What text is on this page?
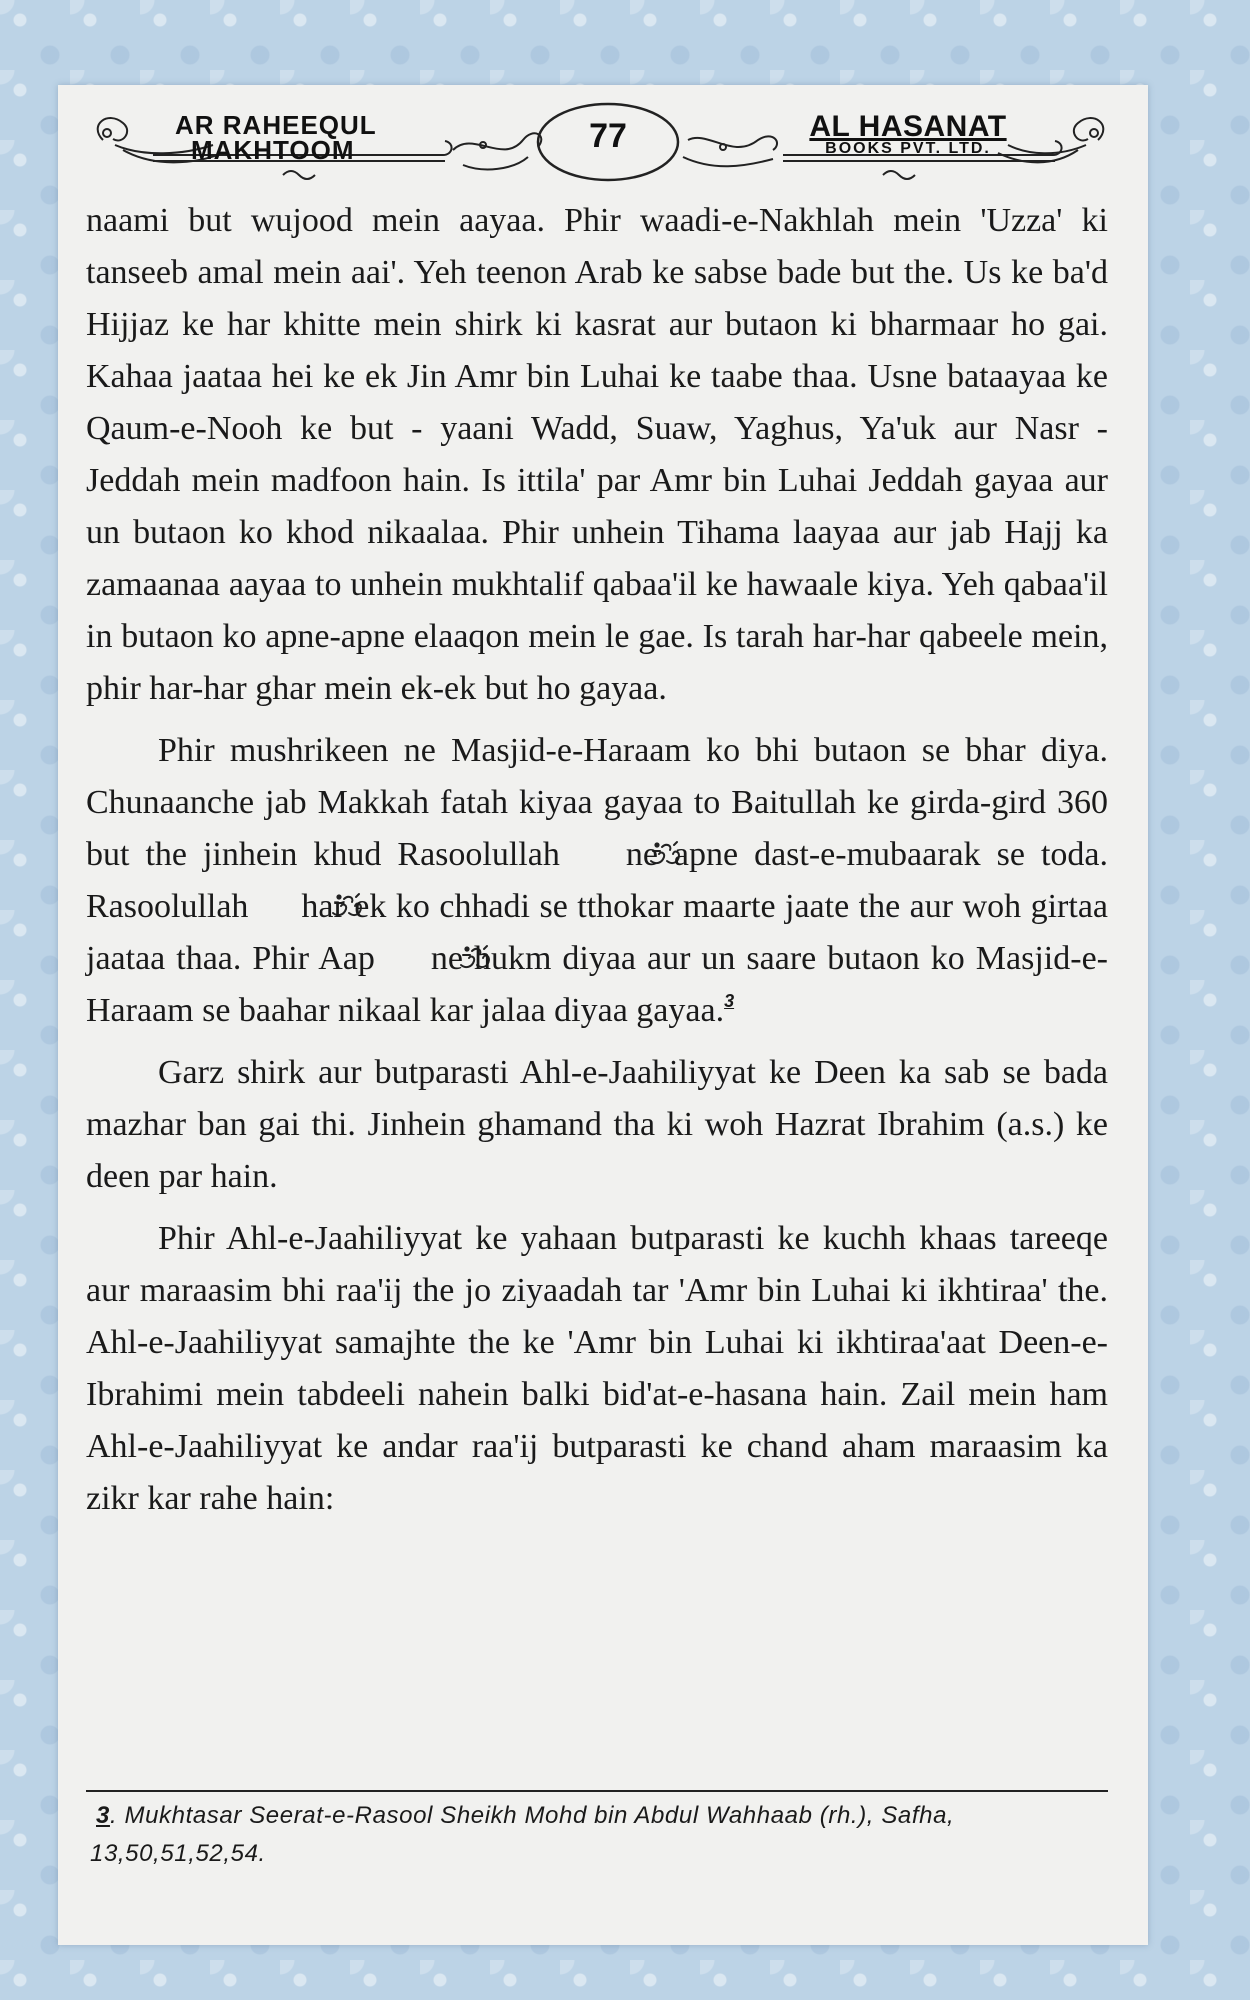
AR RAHEEQUL
MAKHTOOM	77	AL HASANAT
BOOKS PVT. LTD.

naami but wujood mein aayaa. Phir waadi-e-Nakhlah mein 'Uzza' ki tanseeb amal mein aai'. Yeh teenon Arab ke sabse bade but the. Us ke ba'd Hijjaz ke har khitte mein shirk ki kasrat aur butaon ki bharmaar ho gai. Kahaa jaataa hei ke ek Jin Amr bin Luhai ke taabe thaa. Usne bataayaa ke Qaum-e-Nooh ke but - yaani Wadd, Suaw, Yaghus, Ya'uk aur Nasr - Jeddah mein madfoon hain. Is ittila' par Amr bin Luhai Jeddah gayaa aur un butaon ko khod nikaalaa. Phir unhein Tihama laayaa aur jab Hajj ka zamaanaa aayaa to unhein mukhtalif qabaa'il ke hawaale kiya. Yeh qabaa'il in butaon ko apne-apne elaaqon mein le gae. Is tarah har-har qabeele mein, phir har-har ghar mein ek-ek but ho gayaa.

Phir mushrikeen ne Masjid-e-Haraam ko bhi butaon se bhar diya. Chunaanche jab Makkah fatah kiyaa gayaa to Baitullah ke girda-gird 360 but the jinhein khud Rasoolullah  ne apne dast-e-mubaarak se toda. Rasoolullah  har ek ko chhadi se tthokar maarte jaate the aur woh girtaa jaataa thaa. Phir Aap  ne hukm diyaa aur un saare butaon ko Masjid-e-Haraam se baahar nikaal kar jalaa diyaa gayaa.$^3$

Garz shirk aur butparasti Ahl-e-Jaahiliyyat ke Deen ka sab se bada mazhar ban gai thi. Jinhein ghamand tha ki woh Hazrat Ibrahim (a.s.) ke deen par hain.

Phir Ahl-e-Jaahiliyyat ke yahaan butparasti ke kuchh khaas tareeqe aur maraasim bhi raa'ij the jo ziyaadah tar 'Amr bin Luhai ki ikhtiraa' the. Ahl-e-Jaahiliyyat samajhte the ke 'Amr bin Luhai ki ikhtiraa'aat Deen-e-Ibrahimi mein tabdeeli nahein balki bid'at-e-hasana hain. Zail mein ham Ahl-e-Jaahiliyyat ke andar raa'ij butparasti ke chand aham maraasim ka zikr kar rahe hain:

3. Mukhtasar Seerat-e-Rasool Sheikh Mohd bin Abdul Wahhaab (rh.), Safha, 13,50,51,52,54.
